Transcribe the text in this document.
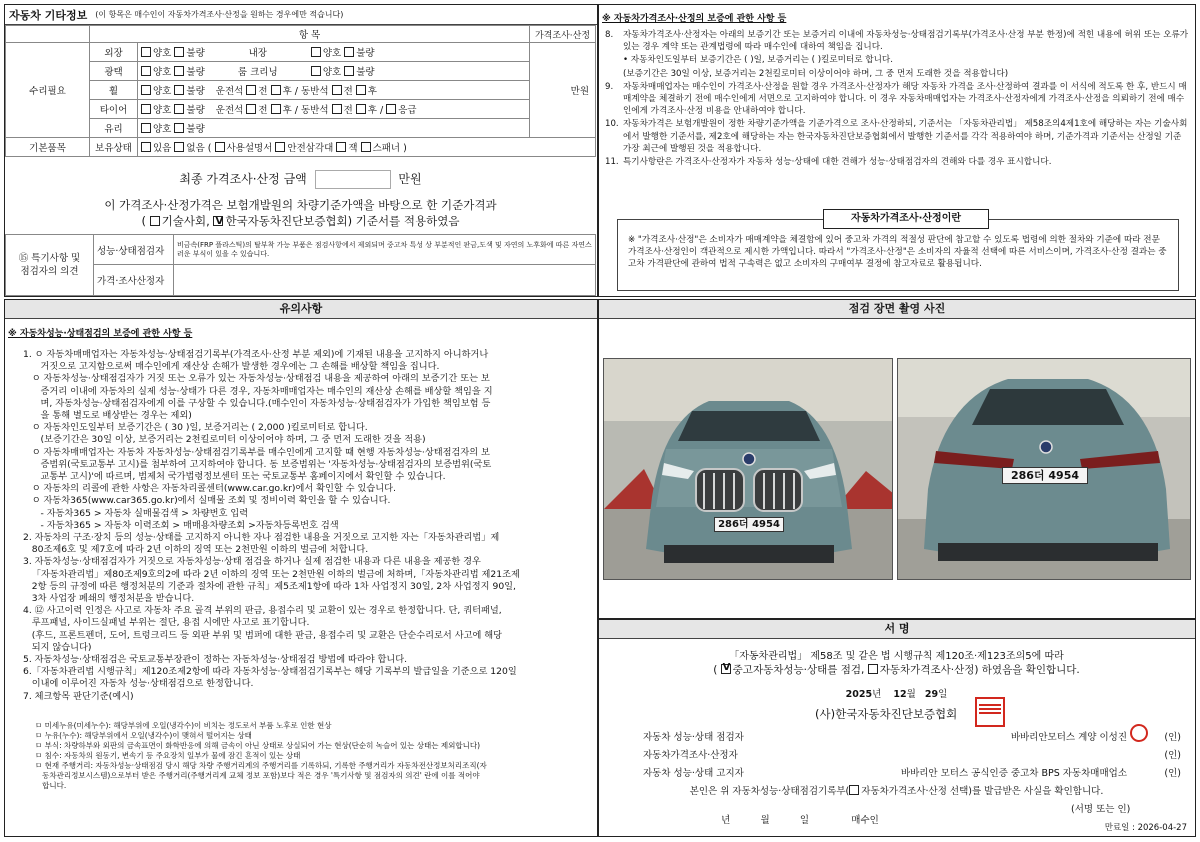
자동차 기타정보 (이 항목은 매수인이 자동차가격조사·산정을 원하는 경우에만 적습니다)
	항 목		가격조사·산정
수리필요	외장	양호 불량 내장 양호 불량	만원
	광택	양호 불량 룸 크리닝 양호 불량	
	휠	양호 불량 운전석 전 후 / 동반석 전 후	
	타이어	양호 불량 운전석 전 후 / 동반석 전 후 / 응급	
	유리	양호 불량	
기본품목	보유상태	있음 없음 ( 사용설명서 안전삼각대 잭 스패너 )	
최종 가격조사·산정 금액	만원
이 가격조사·산정가격은 보험개발원의 차량기준가액을 바탕으로 한 기준가격과
( 기술사회, V 한국자동차진단보증협회) 기준서를 적용하였음
⑮ 특기사항 및
점검자의 의견	성능·상태점검자	비금속(FRP 플라스틱)의 탈부착 가능 부품은 점검사항에서 제외되며 중고차 특성 상 부분적인 판금,도색 및 자연의 노후화에 따른 자연스러운 부식이 있을 수 있습니다.
	가격·조사산정자	
※ 자동차가격조사·산정의 보증에 관한 사항 등
8.	자동차가격조사·산정자는 아래의 보증기간 또는 보증거리 이내에 자동차성능·상태점검기록부(가격조사·산정 부분 한정)에 적힌 내용에 허위 또는 오류가 있는 경우 계약 또는 관계법령에 따라 매수인에 대하여 책임을 집니다.
• 자동차인도일부터 보증기간은 ( )일, 보증거리는 ( )킬로미터로 합니다.
(보증기간은 30일 이상, 보증거리는 2천킬로미터 이상이어야 하며, 그 중 먼저 도래한 것을 적용합니다)
9.	자동차매매업자는 매수인이 가격조사·산정을 원할 경우 가격조사·산정자가 해당 자동차 가격을 조사·산정하여 결과를 이 서식에 적도록 한 후, 반드시 매매계약을 체결하기 전에 매수인에게 서면으로 고지하여야 합니다. 이 경우 자동차매매업자는 가격조사·산정자에게 가격조사·산정을 의뢰하기 전에 매수인에게 가격조사·산정 비용을 안내하여야 합니다.
10. 자동차가격은 보험개발원이 정한 차량기준가액을 기준가격으로 조사·산정하되, 기준서는 「자동차관리법」 제58조의4제1호에 해당하는 자는 기술사회에서 발행한 기준서를, 제2호에 해당하는 자는 한국자동차진단보증협회에서 발행한 기준서를 각각 적용하여야 하며, 기준가격과 기준서는 산정일 기준 가장 최근에 발행된 것을 적용합니다.
11. 특기사항란은 가격조사·산정자가 자동차 성능·상태에 대한 견해가 성능·상태점검자의 견해와 다를 경우 표시합니다.
자동차가격조사·산정이란
※ "가격조사·산정"은 소비자가 매매계약을 체결함에 있어 중고차 가격의 적절성 판단에 참고할 수 있도록 법령에 의한 절차와 기준에 따라 전문 가격조사·산정인이 객관적으로 제시한 가액입니다. 따라서 "가격조사·산정"은 소비자의 자율적 선택에 따른 서비스이며, 가격조사·산정 결과는 중고차 가격판단에 관하여 법적 구속력은 없고 소비자의 구매여부 결정에 참고자료로 활용됩니다.
유의사항
※ 자동차성능·상태점검의 보증에 관한 사항 등
1. ㅇ 자동차매매업자는 자동차성능·상태점검기록부(가격조사·산정 부분 제외)에 기재된 내용을 고지하지 아니하거나
거짓으로 고지함으로써 매수인에게 재산상 손해가 발생한 경우에는 그 손해를 배상할 책임을 집니다.
ㅇ 자동차성능·상태점검자가 거짓 또는 오류가 있는 자동차성능·상태점검 내용을 제공하여 아래의 보증기간 또는 보
증거리 이내에 자동차의 실제 성능·상태가 다른 경우, 자동차매매업자는 매수인의 재산상 손해를 배상할 책임을 지
며, 자동차성능·상태점검자에게 이를 구상할 수 있습니다.(매수인이 자동차성능·상태점검자가 가입한 책임보험 등
을 통해 별도로 배상받는 경우는 제외)
ㅇ 자동차인도일부터 보증기간은 ( 30 )일, 보증거리는 ( 2,000 )킬로미터로 합니다.
(보증기간은 30일 이상, 보증거리는 2천킬로미터 이상이어야 하며, 그 중 먼저 도래한 것을 적용)
ㅇ 자동차매매업자는 자동차 자동차성능·상태점검기록부를 매수인에게 고지할 때 현행 자동차성능·상태점검자의 보
증범위(국토교통부 고시)를 첨부하여 고지하여야 합니다. 동 보증범위는 '자동차성능·상태점검자의 보증범위(국토
교통부 고시)'에 따르며, 범제처 국가법령정보센터 또는 국토교통부 홈페이지에서 확인할 수 있습니다.
ㅇ 자동차의 리콜에 관한 사항은 자동차리콜센터(www.car.go.kr)에서 확인할 수 있습니다.
ㅇ 자동차365(www.car365.go.kr)에서 실매물 조회 및 정비이력 확인을 할 수 있습니다.
- 자동차365 > 자동차 실매물검색 > 차량번호 입력
- 자동차365 > 자동차 이력조회 > 매매용차량조회 >자동차등록번호 검색
2. 자동차의 구조·장치 등의 성능·상태를 고지하지 아니한 자나 점검한 내용을 거짓으로 고지한 자는「자동차관리법」제
80조제6호 및 제7호에 따라 2년 이하의 징역 또는 2천만원 이하의 벌금에 처합니다.
3. 자동차성능·상태점검자가 거짓으로 자동차성능·상태 점검을 하거나 실제 점검한 내용과 다른 내용을 제공한 경우
「자동차관리법」제80조제9호의2에 따라 2년 이하의 징역 또는 2천만원 이하의 벌금에 처하며,「자동차관리법 제21조제
2항 등의 규정에 따른 행정처분의 기준과 절차에 관한 규칙」제5조제1항에 따라 1차 사업정지 30일, 2차 사업정지 90일,
3차 사업장 폐쇄의 행정처분을 받습니다.
4. ⑫ 사고이력 인정은 사고로 자동차 주요 골격 부위의 판금, 용접수리 및 교환이 있는 경우로 한정합니다. 단, 쿼터패널,
루프패널, 사이드실패널 부위는 절단, 용접 시에만 사고로 표기합니다.
(후드, 프론트펜더, 도어, 트렁크리드 등 외판 부위 및 범퍼에 대한 판금, 용접수리 및 교환은 단순수리로서 사고에 해당
되지 않습니다)
5. 자동차성능·상태점검은 국토교통부장관이 정하는 자동차성능·상태점검 방법에 따라야 합니다.
6.「자동차관리법 시행규칙」제120조제2항에 따라 자동차성능·상태점검기록부는 해당 기록부의 발급일을 기준으로 120일
이내에 이루어진 자동차 성능·상태점검으로 한정합니다.
7. 체크항목 판단기준(예시)
ㅁ 미세누유(미세누수): 해당부위에 오일(냉각수)이 비치는 정도로서 부품 노후로 인한 현상
ㅁ 누유(누수): 해당부위에서 오일(냉각수)이 맺혀서 떨어지는 상태
ㅁ 부식: 차량하부와 외판의 금속표면이 화학반응에 의해 금속이 아닌 상태로 상실되어 가는 현상(단순히 녹슬어 있는 상태는 제외합니다)
ㅁ 침수: 자동차의 원동기, 변속기 등 주요장치 일부가 물에 잠긴 흔적이 있는 상태
ㅁ 현재 주행거리: 자동차성능·상태점검 당시 해당 차량 주행거리계의 주행거리를 기록하되, 기록한 주행거리가 자동차전산정보처리조직(자
동차관리정보시스템)으로부터 받은 주행거리(주행거리계 교체 정보 포함)보다 적은 경우 '특기사항 및 점검자의 의견' 란에 이를 적어야
합니다.
점검 장면 촬영 사진
286더 4954
286더 4954
서 명
「자동차관리법」 제58조 및 같은 법 시행규칙 제120조·제123조의5에 따라
( V중고자동차성능·상태를 점검, 자동차가격조사·산정) 하였음을 확인합니다.
2025년 12월 29일
(사)한국자동차진단보증협회
자동차 성능·상태 점검자	바바리안모터스 계양 이성진	(인)
자동차가격조사·산정자	(인)
자동차 성능·상태 고지자	바바리안 모터스 공식인증 중고차 BPS 자동차매매업소	(인)
본인은 위 자동차성능·상태점검기록부( 자동차가격조사·산정 선택)를 발급받은 사실을 확인합니다.

년          월          일              매수인

(서명 또는 인)
만료일 : 2026-04-27
